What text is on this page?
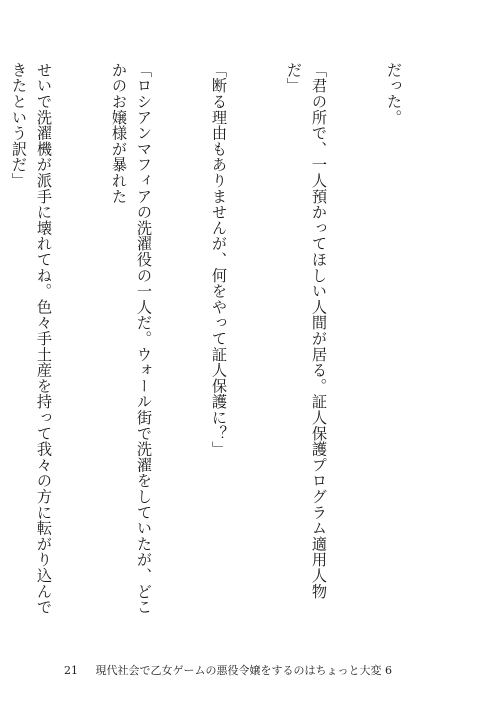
だった。

「君の所で、一人預かってほしい人間が居る。証人保護プログラム適用人物だ」

「断る理由もありませんが、何をやって証人保護に？」

「ロシアンマフィアの洗濯役の一人だ。ウォール街で洗濯をしていたが、どこかのお嬢様が暴れた

せいで洗濯機が派手に壊れてね。色々手土産を持って我々の方に転がり込んできたという訳だ」

21 現代社会で乙女ゲームの悪役令嬢をするのはちょっと大変 6
